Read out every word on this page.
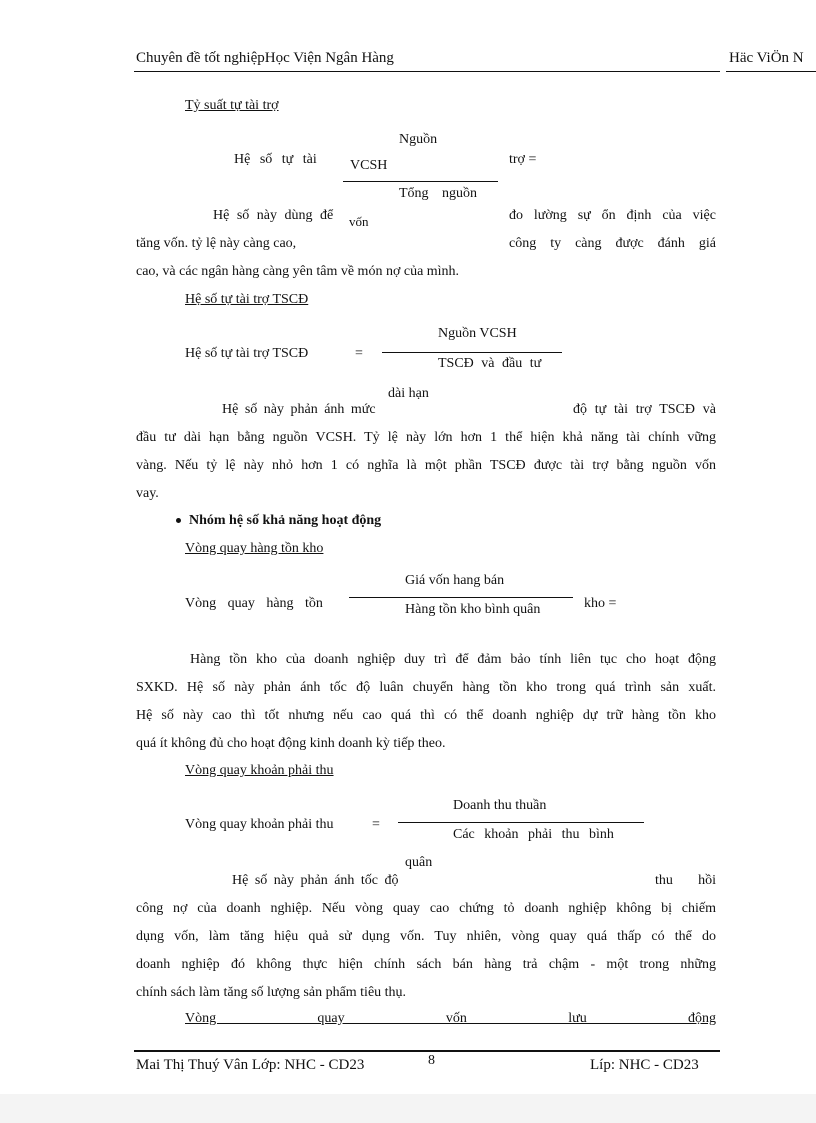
Chuyên đề tốt nghiệpHọc Viện Ngân Hàng	Häc ViÖn N
Tỷ suất tự tài trợ
Nguồn
Hệ số tự tài VCSH	trợ =
Tổng nguồn
Hệ số này dùng để vốn	đo lường sự ổn định của việc
tăng vốn. tỷ lệ này càng cao,	công ty càng được đánh giá
cao, và các ngân hàng càng yên tâm về món nợ của mình.
Hệ số tự tài trợ TSCĐ
Nguồn VCSH
Hệ số tự tài trợ TSCĐ	=
TSCĐ và đầu tư
dài hạn
Hệ số này phản ánh mức	độ tự tài trợ TSCĐ và
đầu tư dài hạn bằng nguồn VCSH. Tỷ lệ này lớn hơn 1 thể hiện khả năng tài chính vững
vàng. Nếu tỷ lệ này nhỏ hơn 1 có nghĩa là một phần TSCĐ được tài trợ bằng nguồn vốn
vay.
Nhóm hệ số khả năng hoạt động
Vòng quay hàng tồn kho
Giá vốn hang bán
Vòng quay hàng tồn	Hàng tồn kho bình quân	kho =
Hàng tồn kho của doanh nghiệp duy trì để đảm bảo tính liên tục cho hoạt động
SXKD. Hệ số này phản ánh tốc độ luân chuyển hàng tồn kho trong quá trình sản xuất.
Hệ số này cao thì tốt nhưng nếu cao quá thì có thể doanh nghiệp dự trữ hàng tồn kho
quá ít không đủ cho hoạt động kinh doanh kỳ tiếp theo.
Vòng quay khoản phải thu
Doanh thu thuần
Vòng quay khoản phải thu	=
Các khoản phải thu bình
quân
Hệ số này phản ánh tốc độ	thu hồi
công nợ của doanh nghiệp. Nếu vòng quay cao chứng tỏ doanh nghiệp không bị chiếm
dụng vốn, làm tăng hiệu quả sử dụng vốn. Tuy nhiên, vòng quay quá thấp có thể do
doanh nghiệp đó không thực hiện chính sách bán hàng trả chậm - một trong những
chính sách làm tăng số lượng sản phẩm tiêu thụ.
Vòng quay vốn lưu động
Mai Thị Thuý Vân Lớp: NHC - CD23	8	Líp: NHC - CD23
